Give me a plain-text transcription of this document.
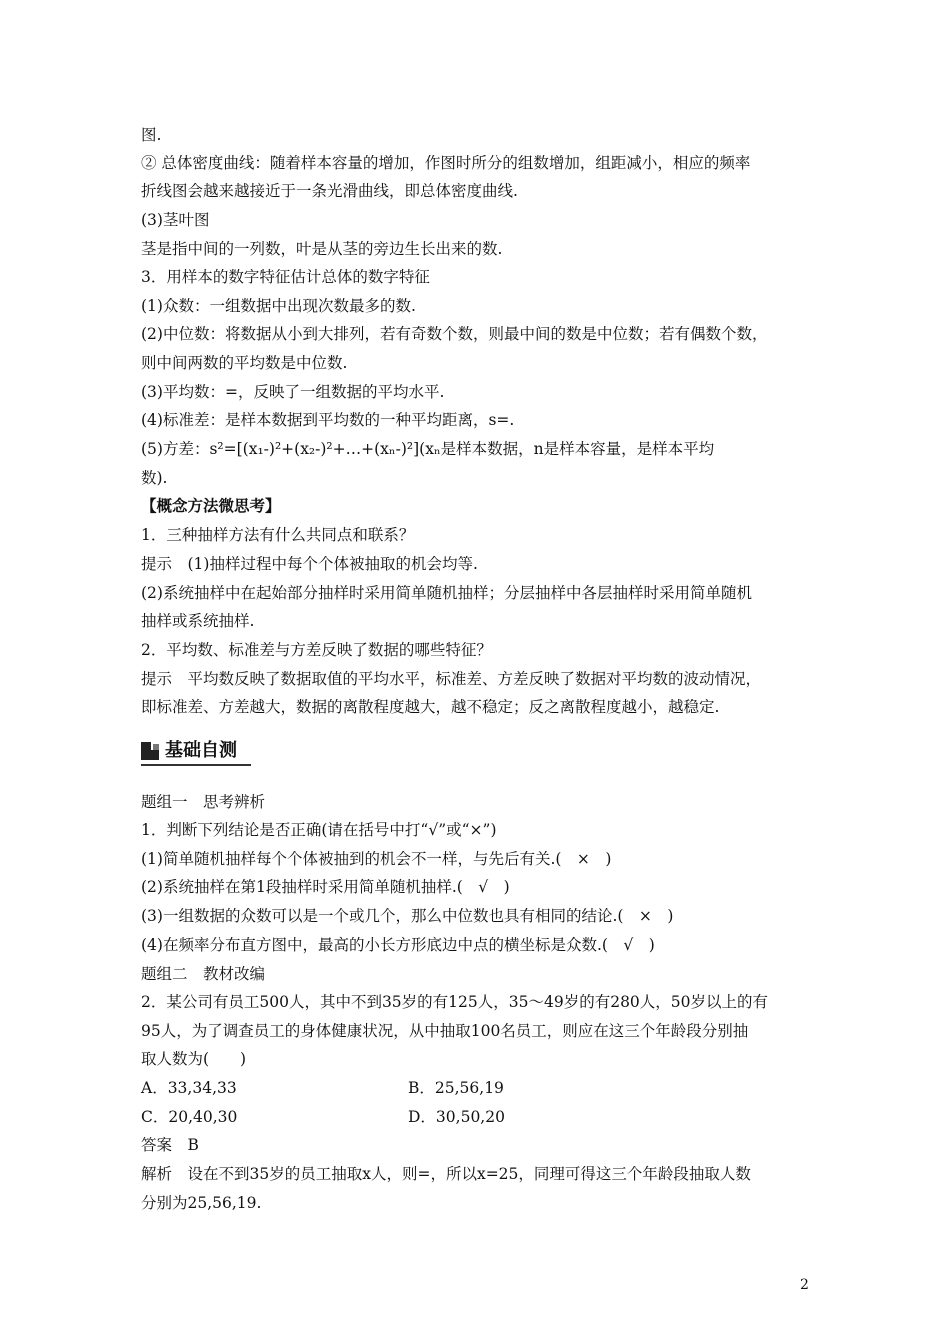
图.
② 总体密度曲线：随着样本容量的增加，作图时所分的组数增加，组距减小，相应的频率
折线图会越来越接近于一条光滑曲线，即总体密度曲线.
(3)茎叶图
茎是指中间的一列数，叶是从茎的旁边生长出来的数.
3．用样本的数字特征估计总体的数字特征
(1)众数：一组数据中出现次数最多的数.
(2)中位数：将数据从小到大排列，若有奇数个数，则最中间的数是中位数；若有偶数个数，
则中间两数的平均数是中位数.
(3)平均数：=，反映了一组数据的平均水平.
(4)标准差：是样本数据到平均数的一种平均距离，s=.
(5)方差：s²=[(x₁-)²+(x₂-)²+…+(xₙ-)²](xₙ是样本数据，n是样本容量，是样本平均
数).
【概念方法微思考】
1．三种抽样方法有什么共同点和联系？
提示　(1)抽样过程中每个个体被抽取的机会均等.
(2)系统抽样中在起始部分抽样时采用简单随机抽样；分层抽样中各层抽样时采用简单随机
抽样或系统抽样.
2．平均数、标准差与方差反映了数据的哪些特征？
提示　平均数反映了数据取值的平均水平，标准差、方差反映了数据对平均数的波动情况，
即标准差、方差越大，数据的离散程度越大，越不稳定；反之离散程度越小，越稳定.
基础自测
题组一　思考辨析
1．判断下列结论是否正确(请在括号中打“√”或“×”)
(1)简单随机抽样每个个体被抽到的机会不一样，与先后有关.(　×　)
(2)系统抽样在第1段抽样时采用简单随机抽样.(　√　)
(3)一组数据的众数可以是一个或几个，那么中位数也具有相同的结论.(　×　)
(4)在频率分布直方图中，最高的小长方形底边中点的横坐标是众数.(　√　)
题组二　教材改编
2．某公司有员工500人，其中不到35岁的有125人，35～49岁的有280人，50岁以上的有
95人，为了调查员工的身体健康状况，从中抽取100名员工，则应在这三个年龄段分别抽
取人数为(　　)
A．33,34,33	B．25,56,19
C．20,40,30	D．30,50,20
答案　B
解析　设在不到35岁的员工抽取x人，则=，所以x=25，同理可得这三个年龄段抽取人数
分别为25,56,19.
2
